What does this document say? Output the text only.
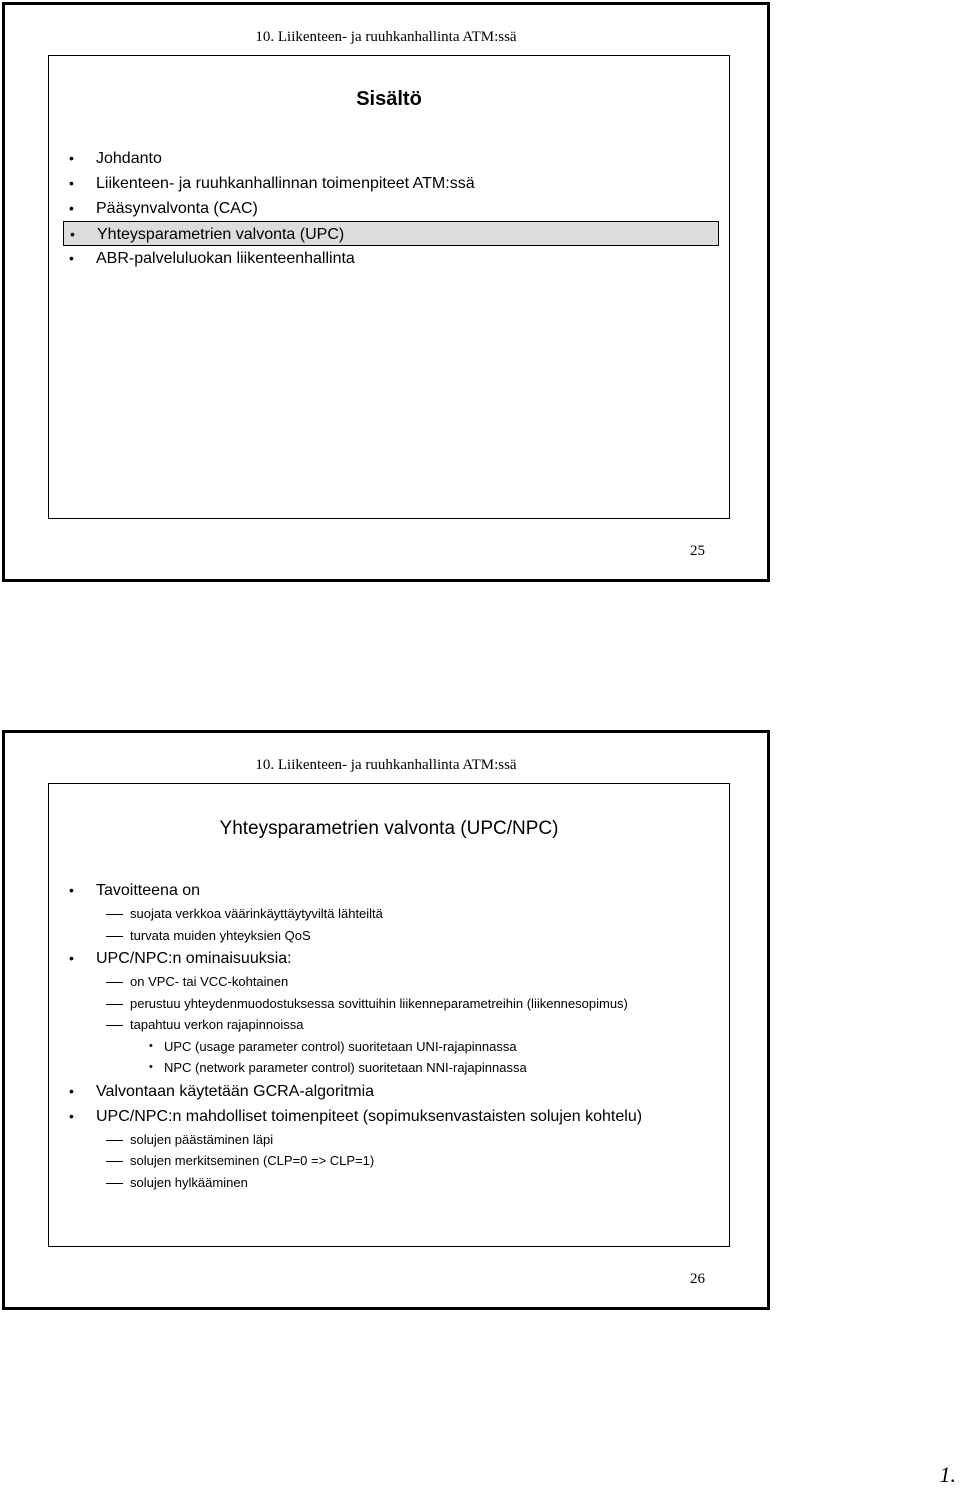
10. Liikenteen- ja ruuhkanhallinta ATM:ssä
Sisältö
• Johdanto
• Liikenteen- ja ruuhkanhallinnan toimenpiteet ATM:ssä
• Pääsynvalvonta (CAC)
• Yhteysparametrien valvonta (UPC)
• ABR-palveluluokan liikenteenhallinta
25
10. Liikenteen- ja ruuhkanhallinta ATM:ssä
Yhteysparametrien valvonta (UPC/NPC)
• Tavoitteena on
suojata verkkoa väärinkäyttäytyviltä lähteiltä
turvata muiden yhteyksien QoS
• UPC/NPC:n ominaisuuksia:
on VPC- tai VCC-kohtainen
perustuu yhteydenmuodostuksessa sovittuihin liikenneparametreihin (liikennesopimus)
tapahtuu verkon rajapinnoissa
• UPC (usage parameter control) suoritetaan UNI-rajapinnassa
• NPC (network parameter control) suoritetaan NNI-rajapinnassa
• Valvontaan käytetään GCRA-algoritmia
• UPC/NPC:n mahdolliset toimenpiteet (sopimuksenvastaisten solujen kohtelu)
solujen päästäminen läpi
solujen merkitseminen (CLP=0 => CLP=1)
solujen hylkääminen
26
1.
